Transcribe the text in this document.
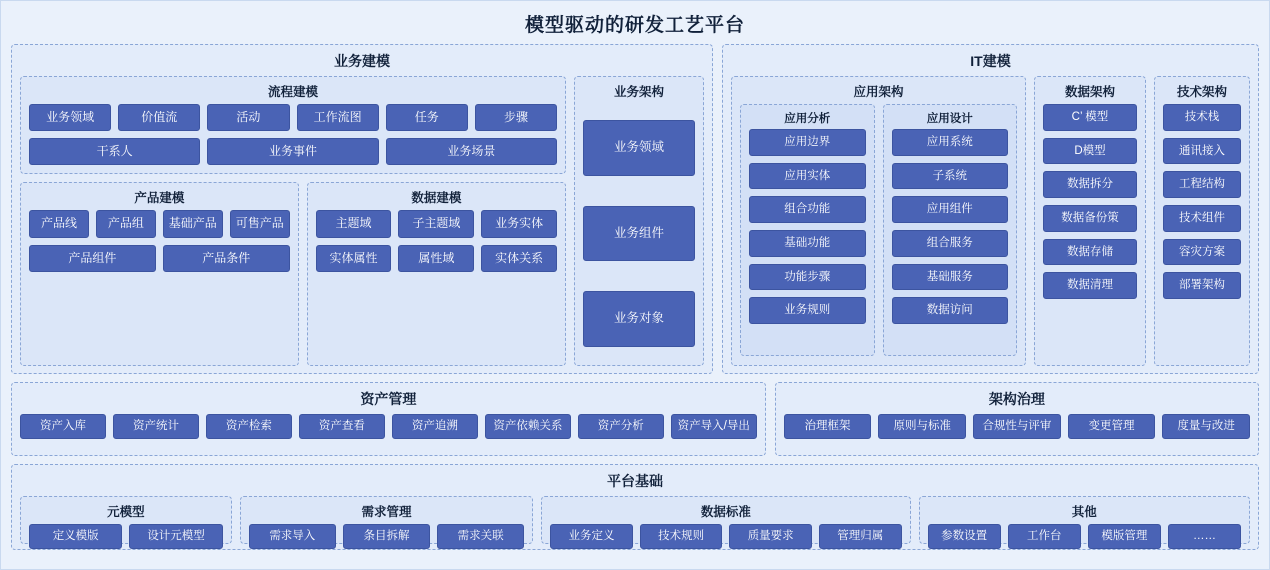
模型驱动的研发工艺平台
业务建模
流程建模
业务领域	价值流	活动	工作流图	任务	步骤
干系人	业务事件	业务场景
产品建模
产品线	产品组	基础产品	可售产品
产品组件	产品条件
数据建模
主题域	子主题域	业务实体
实体属性	属性域	实体关系
业务架构
业务领域
业务组件
业务对象
IT建模
应用架构
应用分析
应用边界
应用实体
组合功能
基础功能
功能步骤
业务规则
应用设计
应用系统
子系统
应用组件
组合服务
基础服务
数据访问
数据架构
C’ 模型
D模型
数据拆分
数据备份策
数据存储
数据清理
技术架构
技术栈
通讯接入
工程结构
技术组件
容灾方案
部署架构
资产管理
资产入库	资产统计	资产检索	资产查看	资产追溯	资产依赖关系	资产分析	资产导入/导出
架构治理
治理框架	原则与标准	合规性与评审	变更管理	度量与改进
平台基础
元模型
定义模版	设计元模型
需求管理
需求导入	条目拆解	需求关联
数据标准
业务定义	技术规则	质量要求	管理归属
其他
参数设置	工作台	模版管理	……
